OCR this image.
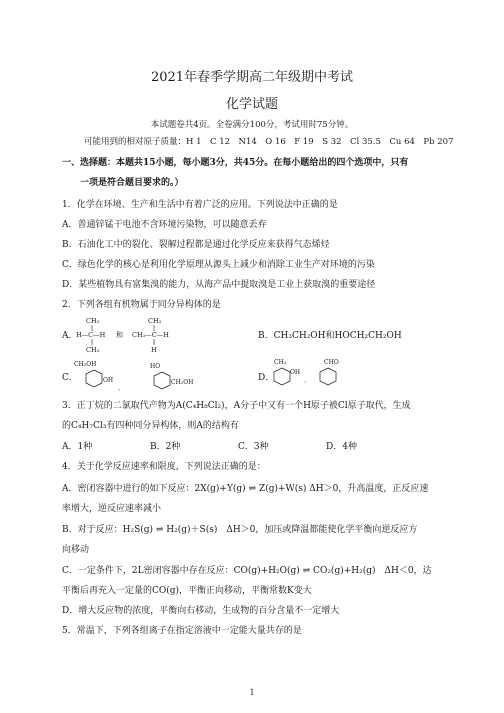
2021年春季学期高二年级期中考试
化学试题
本试题卷共4页。全卷满分100分，考试用时75分钟。
可能用到的相对原子质量：H 1　C 12　N14　O 16　F 19　S 32　Cl 35.5　Cu 64　Pb 207
一、选择题：本题共15小题，每小题3分，共45分。在每小题给出的四个选项中，只有
一项是符合题目要求的。）
1．化学在环境、生产和生活中有着广泛的应用。下列说法中正确的是
A．普通锌锰干电池不含环境污染物，可以随意丢弃
B．石油化工中的裂化、裂解过程都是通过化学反应来获得气态烯烃
C．绿色化学的核心是利用化学原理从源头上减少和消除工业生产对环境的污染
D．某些植物具有富集溴的能力，从海产品中提取溴是工业上获取溴的重要途径
2．下列各组有机物属于同分异构体的是
A．
CH₃
H—C—H
CH₃
和
CH₃
CH₃—C—H
H
B．CH₃CH₂OH和HOCH₂CH₂OH
C．
CH₂OH
OH
、
HO
CH₂OH	D．
CH₃
OH
、
CHO
3．正丁烷的二氯取代产物为A(C₄H₈Cl₂)，A分子中又有一个H原子被Cl原子取代，生成
的C₄H₇Cl₃有四种同分异构体，则A的结构有
A．1种	B．2种	C．3种	D．4种
4．关于化学反应速率和限度，下列说法正确的是：
A．密闭容器中进行的如下反应：2X(g)+Y(g) ⇌ Z(g)+W(s) ΔH＞0，升高温度，正反应速
率增大，逆反应速率减小
B．对于反应：H₂S(g) ⇌ H₂(g)＋S(s)　ΔH＞0，加压或降温都能使化学平衡向逆反应方
向移动
C．一定条件下，2L密闭容器中存在反应：CO(g)+H₂O(g) ⇌ CO₂(g)+H₂(g)　ΔH＜0，达
平衡后再充入一定量的CO(g)，平衡正向移动，平衡常数K变大
D．增大反应物的浓度，平衡向右移动，生成物的百分含量不一定增大
5．常温下，下列各组离子在指定溶液中一定能大量共存的是
1
